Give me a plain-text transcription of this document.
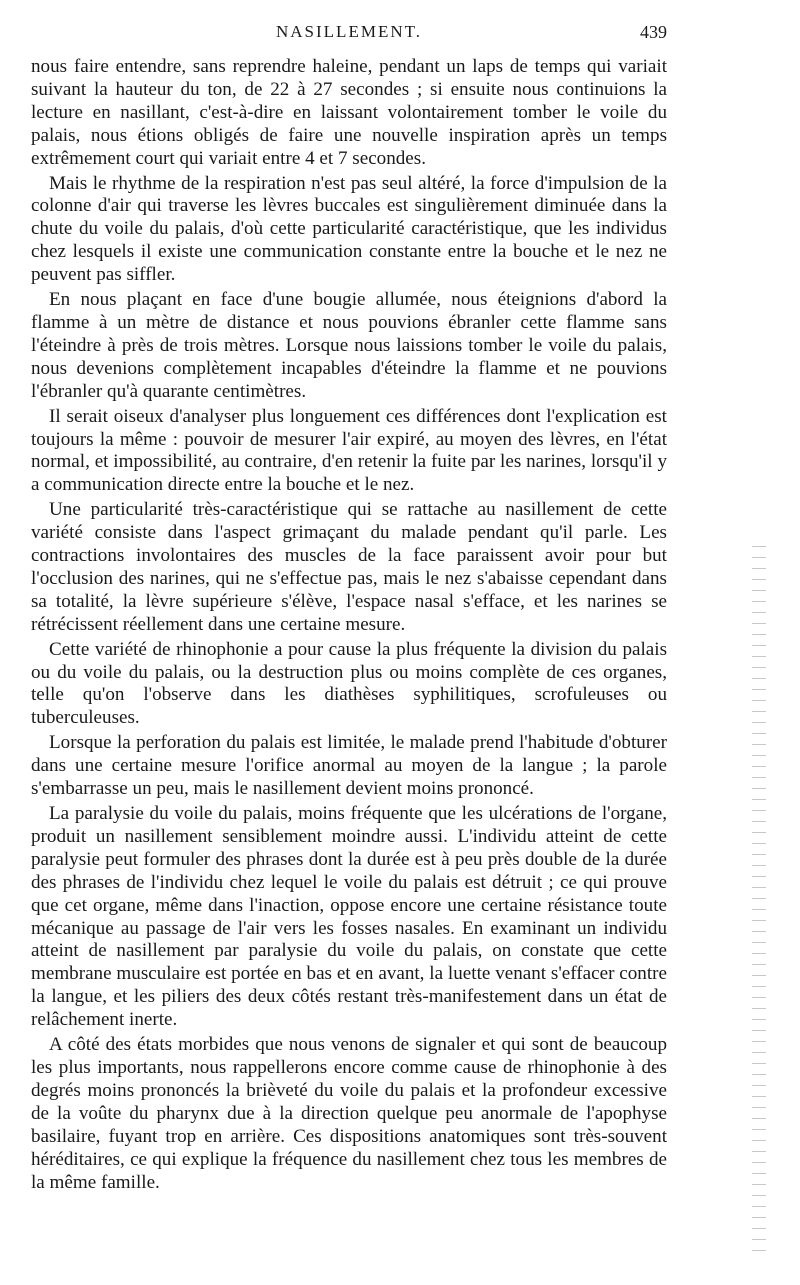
NASILLEMENT.	439

nous faire entendre, sans reprendre haleine, pendant un laps de temps qui variait suivant la hauteur du ton, de 22 à 27 secondes ; si ensuite nous continuions la lecture en nasillant, c'est-à-dire en laissant volontairement tomber le voile du palais, nous étions obligés de faire une nouvelle inspiration après un temps extrêmement court qui variait entre 4 et 7 secondes.

Mais le rhythme de la respiration n'est pas seul altéré, la force d'impulsion de la colonne d'air qui traverse les lèvres buccales est singulièrement diminuée dans la chute du voile du palais, d'où cette particularité caractéristique, que les individus chez lesquels il existe une communication constante entre la bouche et le nez ne peuvent pas siffler.

En nous plaçant en face d'une bougie allumée, nous éteignions d'abord la flamme à un mètre de distance et nous pouvions ébranler cette flamme sans l'éteindre à près de trois mètres. Lorsque nous laissions tomber le voile du palais, nous devenions complètement incapables d'éteindre la flamme et ne pouvions l'ébranler qu'à quarante centimètres.

Il serait oiseux d'analyser plus longuement ces différences dont l'explication est toujours la même : pouvoir de mesurer l'air expiré, au moyen des lèvres, en l'état normal, et impossibilité, au contraire, d'en retenir la fuite par les narines, lorsqu'il y a communication directe entre la bouche et le nez.

Une particularité très-caractéristique qui se rattache au nasillement de cette variété consiste dans l'aspect grimaçant du malade pendant qu'il parle. Les contractions involontaires des muscles de la face paraissent avoir pour but l'occlusion des narines, qui ne s'effectue pas, mais le nez s'abaisse cependant dans sa totalité, la lèvre supérieure s'élève, l'espace nasal s'efface, et les narines se rétrécissent réellement dans une certaine mesure.

Cette variété de rhinophonie a pour cause la plus fréquente la division du palais ou du voile du palais, ou la destruction plus ou moins complète de ces organes, telle qu'on l'observe dans les diathèses syphilitiques, scrofuleuses ou tuberculeuses.

Lorsque la perforation du palais est limitée, le malade prend l'habitude d'obturer dans une certaine mesure l'orifice anormal au moyen de la langue ; la parole s'embarrasse un peu, mais le nasillement devient moins prononcé.

La paralysie du voile du palais, moins fréquente que les ulcérations de l'organe, produit un nasillement sensiblement moindre aussi. L'individu atteint de cette paralysie peut formuler des phrases dont la durée est à peu près double de la durée des phrases de l'individu chez lequel le voile du palais est détruit ; ce qui prouve que cet organe, même dans l'inaction, oppose encore une certaine résistance toute mécanique au passage de l'air vers les fosses nasales. En examinant un individu atteint de nasillement par paralysie du voile du palais, on constate que cette membrane musculaire est portée en bas et en avant, la luette venant s'effacer contre la langue, et les piliers des deux côtés restant très-manifestement dans un état de relâchement inerte.

A côté des états morbides que nous venons de signaler et qui sont de beaucoup les plus importants, nous rappellerons encore comme cause de rhinophonie à des degrés moins prononcés la brièveté du voile du palais et la profondeur excessive de la voûte du pharynx due à la direction quelque peu anormale de l'apophyse basilaire, fuyant trop en arrière. Ces dispositions anatomiques sont très-souvent héréditaires, ce qui explique la fréquence du nasillement chez tous les membres de la même famille.
